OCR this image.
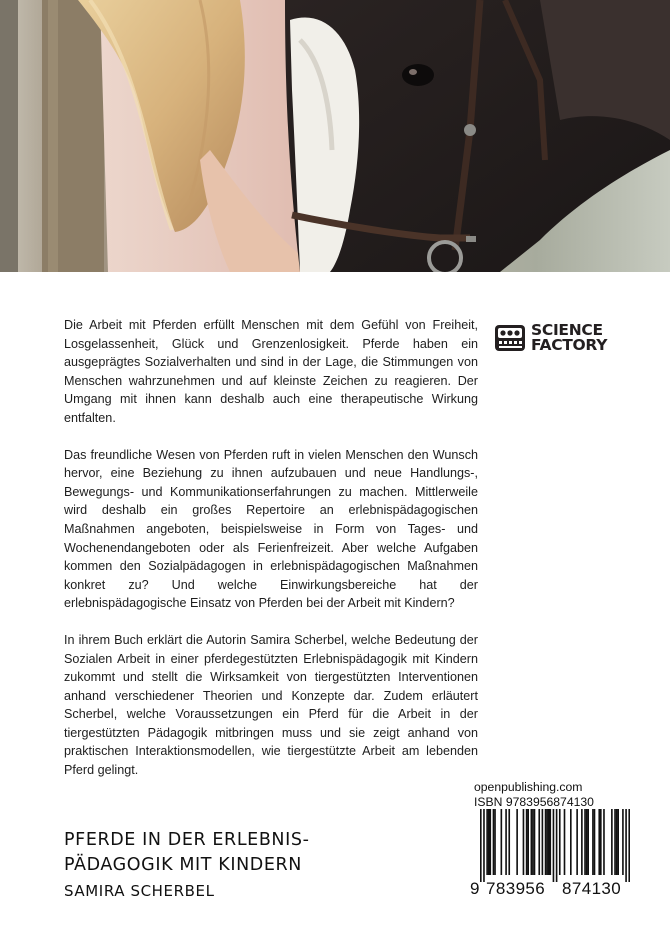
SCIENCE
FACTORY

Die Arbeit mit Pferden erfüllt Menschen mit dem Gefühl von Freiheit, Losgelassenheit, Glück und Grenzenlosigkeit. Pferde haben ein ausgeprägtes Sozialverhalten und sind in der Lage, die Stimmungen von Menschen wahrzunehmen und auf kleinste Zeichen zu reagieren. Der Umgang mit ihnen kann deshalb auch eine therapeutische Wirkung entfalten.

Das freundliche Wesen von Pferden ruft in vielen Menschen den Wunsch hervor, eine Beziehung zu ihnen aufzubauen und neue Handlungs-, Bewegungs- und Kommunikationserfahrungen zu machen. Mittlerweile wird deshalb ein großes Repertoire an erlebnispädagogischen Maßnahmen angeboten, beispielsweise in Form von Tages- und Wochenendangeboten oder als Ferienfreizeit. Aber welche Aufgaben kommen den Sozialpädagogen in erlebnispädagogischen Maßnahmen konkret zu? Und welche Einwirkungsbereiche hat der erlebnispädagogische Einsatz von Pferden bei der Arbeit mit Kindern?

In ihrem Buch erklärt die Autorin Samira Scherbel, welche Bedeutung der Sozialen Arbeit in einer pferdegestützten Erlebnispädagogik mit Kindern zukommt und stellt die Wirksamkeit von tiergestützten Interventionen anhand verschiedener Theorien und Konzepte dar. Zudem erläutert Scherbel, welche Voraussetzungen ein Pferd für die Arbeit in der tiergestützten Pädagogik mitbringen muss und sie zeigt anhand von praktischen Interaktionsmodellen, wie tiergestützte Arbeit am lebenden Pferd gelingt.

PFERDE IN DER ERLEBNIS-
PÄDAGOGIK MIT KINDERN
SAMIRA SCHERBEL
openpublishing.com
ISBN 9783956874130
9 783956 874130
